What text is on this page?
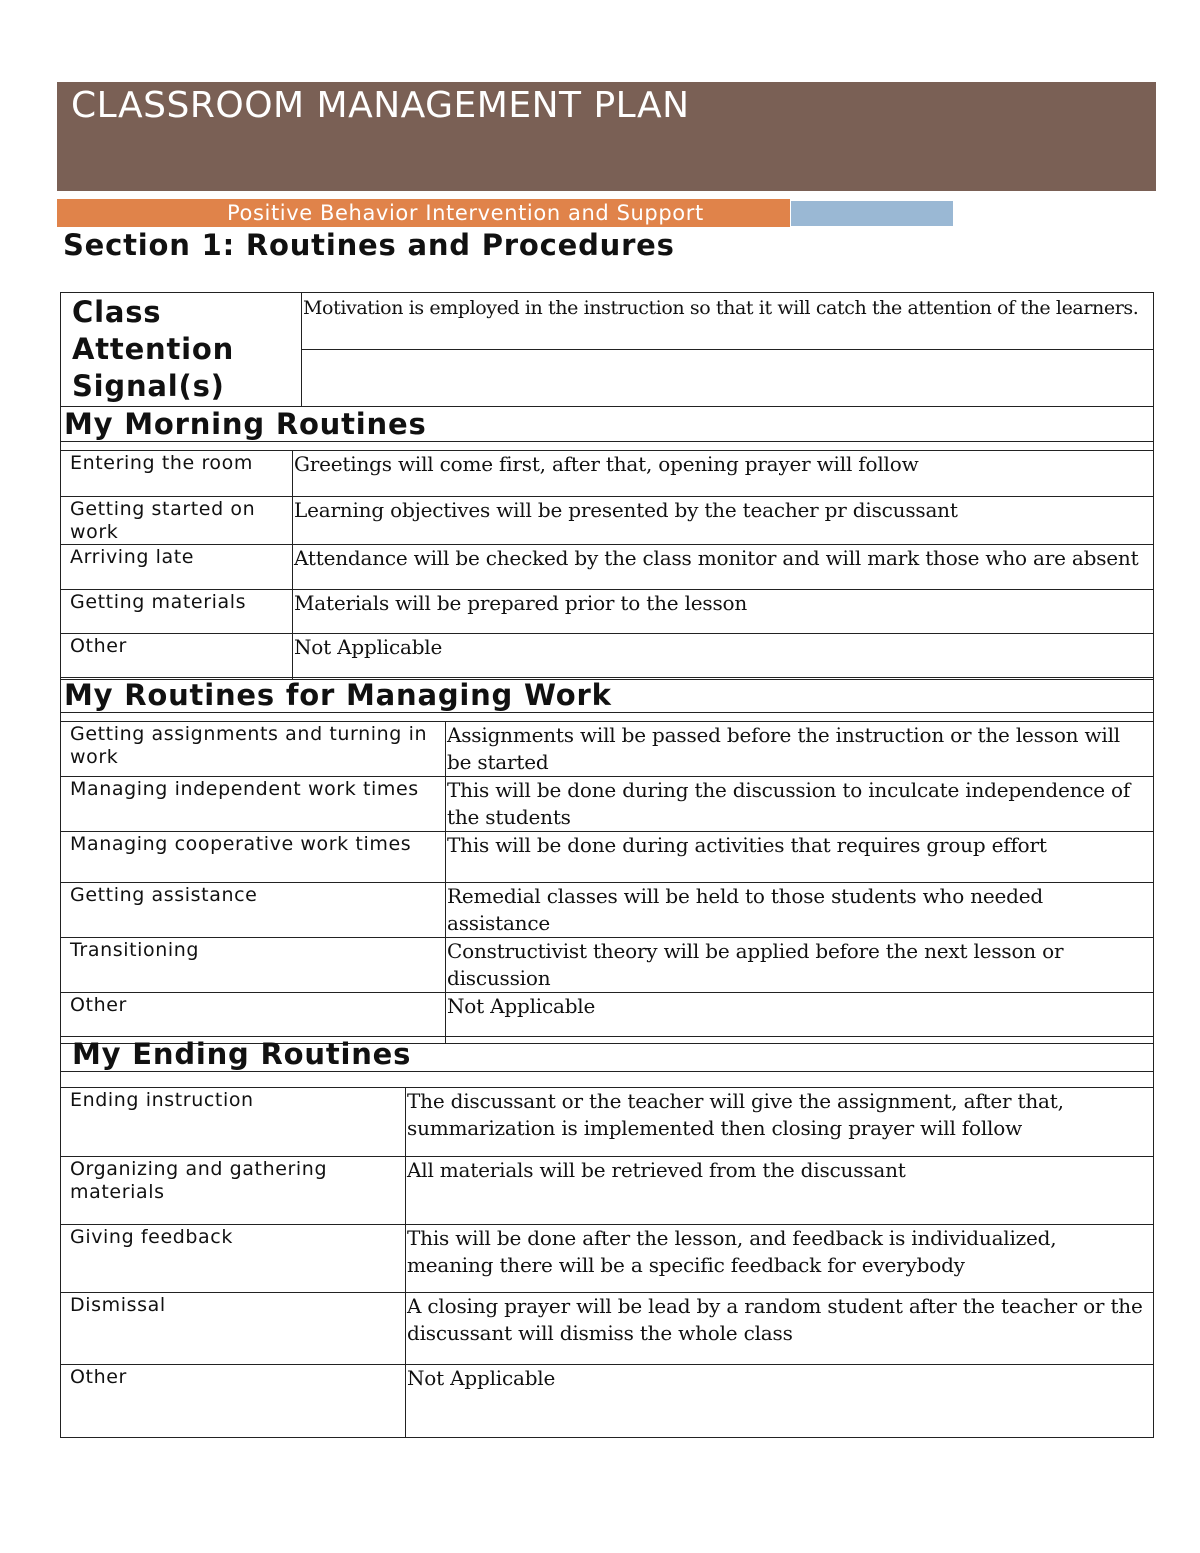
CLASSROOM MANAGEMENT PLAN
Positive Behavior Intervention and Support
Section 1: Routines and Procedures
Class Attention Signal(s)	Motivation is employed in the instruction so that it will catch the attention of the learners.

My Morning Routines	

Entering the room	Greetings will come first, after that, opening prayer will follow
Getting started on work	Learning objectives will be presented by the teacher pr discussant
Arriving late	Attendance will be checked by the class monitor and will mark those who are absent
Getting materials	Materials will be prepared prior to the lesson
Other	Not Applicable
My Routines for Managing Work	

Getting assignments and turning in work	Assignments will be passed before the instruction or the lesson will be started
Managing independent work times	This will be done during the discussion to inculcate independence of the students
Managing cooperative work times	This will be done during activities that requires group effort
Getting assistance	Remedial classes will be held to those students who needed assistance
Transitioning	Constructivist theory will be applied before the next lesson or discussion
Other	Not Applicable
My Ending Routines	

Ending instruction	The discussant or the teacher will give the assignment, after that, summarization is implemented then closing prayer will follow
Organizing and gathering materials	All materials will be retrieved from the discussant
Giving feedback	This will be done after the lesson, and feedback is individualized, meaning there will be a specific feedback for everybody
Dismissal	A closing prayer will be lead by a random student after the teacher or the discussant will dismiss the whole class
Other	Not Applicable
